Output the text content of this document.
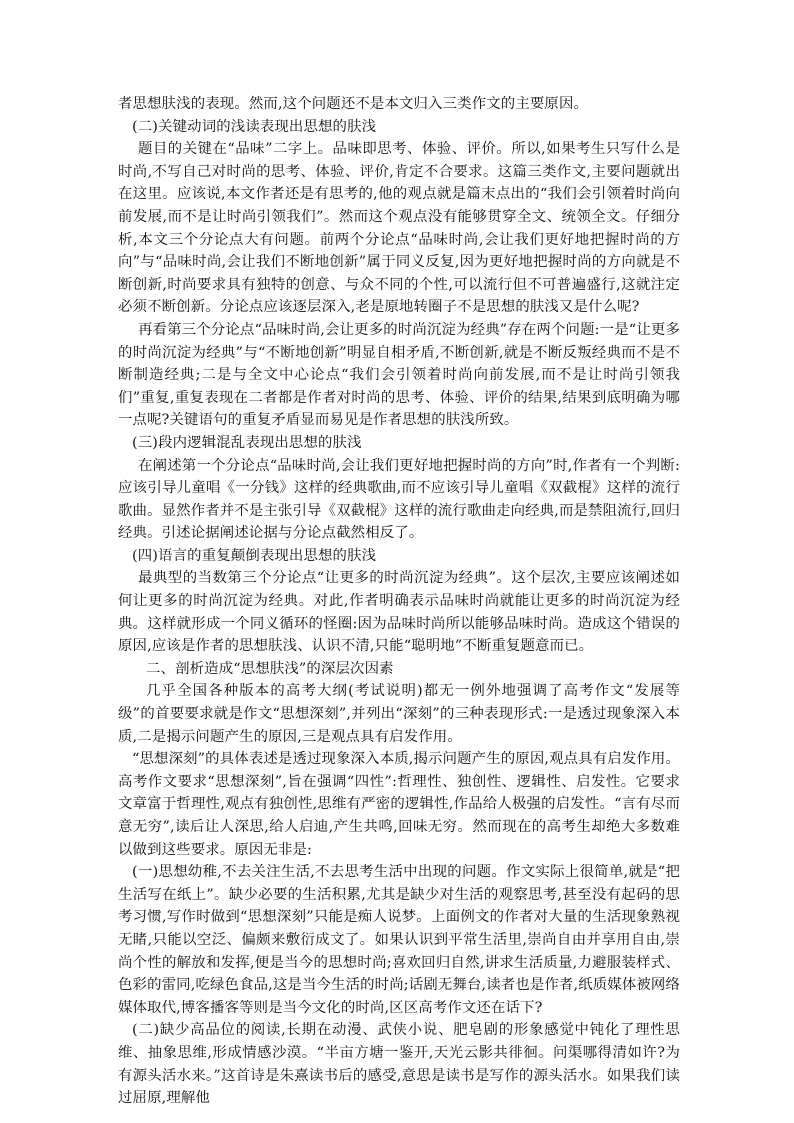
者思想肤浅的表现。然而,这个问题还不是本文归入三类作文的主要原因。

(二)关键动词的浅读表现出思想的肤浅

题目的关键在“品味”二字上。品味即思考、体验、评价。所以,如果考生只写什么是时尚,不写自己对时尚的思考、体验、评价,肯定不合要求。这篇三类作文,主要问题就出在这里。应该说,本文作者还是有思考的,他的观点就是篇末点出的“我们会引领着时尚向前发展,而不是让时尚引领我们”。然而这个观点没有能够贯穿全文、统领全文。仔细分析,本文三个分论点大有问题。前两个分论点“品味时尚,会让我们更好地把握时尚的方向”与“品味时尚,会让我们不断地创新”属于同义反复,因为更好地把握时尚的方向就是不断创新,时尚要求具有独特的创意、与众不同的个性,可以流行但不可普遍盛行,这就注定必须不断创新。分论点应该逐层深入,老是原地转圈子不是思想的肤浅又是什么呢?

再看第三个分论点“品味时尚,会让更多的时尚沉淀为经典”存在两个问题:一是“让更多的时尚沉淀为经典”与“不断地创新”明显自相矛盾,不断创新,就是不断反叛经典而不是不断制造经典;二是与全文中心论点“我们会引领着时尚向前发展,而不是让时尚引领我们”重复,重复表现在二者都是作者对时尚的思考、体验、评价的结果,结果到底明确为哪一点呢?关键语句的重复矛盾显而易见是作者思想的肤浅所致。

(三)段内逻辑混乱表现出思想的肤浅

在阐述第一个分论点“品味时尚,会让我们更好地把握时尚的方向”时,作者有一个判断:应该引导儿童唱《一分钱》这样的经典歌曲,而不应该引导儿童唱《双截棍》这样的流行歌曲。显然作者并不是主张引导《双截棍》这样的流行歌曲走向经典,而是禁阻流行,回归经典。引述论据阐述论据与分论点截然相反了。

(四)语言的重复颠倒表现出思想的肤浅

最典型的当数第三个分论点“让更多的时尚沉淀为经典”。这个层次,主要应该阐述如何让更多的时尚沉淀为经典。对此,作者明确表示品味时尚就能让更多的时尚沉淀为经典。这样就形成一个同义循环的怪圈:因为品味时尚所以能够品味时尚。造成这个错误的原因,应该是作者的思想肤浅、认识不清,只能“聪明地”不断重复题意而已。

二、剖析造成“思想肤浅”的深层次因素

几乎全国各种版本的高考大纲(考试说明)都无一例外地强调了高考作文“发展等级”的首要要求就是作文“思想深刻”,并列出“深刻”的三种表现形式:一是透过现象深入本质,二是揭示问题产生的原因,三是观点具有启发作用。

“思想深刻”的具体表述是透过现象深入本质,揭示问题产生的原因,观点具有启发作用。高考作文要求“思想深刻”,旨在强调“四性”:哲理性、独创性、逻辑性、启发性。它要求文章富于哲理性,观点有独创性,思维有严密的逻辑性,作品给人极强的启发性。“言有尽而意无穷”,读后让人深思,给人启迪,产生共鸣,回味无穷。然而现在的高考生却绝大多数难以做到这些要求。原因无非是:

(一)思想幼稚,不去关注生活,不去思考生活中出现的问题。作文实际上很简单,就是“把生活写在纸上”。缺少必要的生活积累,尤其是缺少对生活的观察思考,甚至没有起码的思考习惯,写作时做到“思想深刻”只能是痴人说梦。上面例文的作者对大量的生活现象熟视无睹,只能以空泛、偏颇来敷衍成文了。如果认识到平常生活里,崇尚自由并享用自由,崇尚个性的解放和发挥,便是当今的思想时尚;喜欢回归自然,讲求生活质量,力避服装样式、色彩的雷同,吃绿色食品,这是当今生活的时尚;话剧无舞台,读者也是作者,纸质媒体被网络媒体取代,博客播客等则是当今文化的时尚,区区高考作文还在话下?

(二)缺少高品位的阅读,长期在动漫、武侠小说、肥皂剧的形象感觉中钝化了理性思维、抽象思维,形成情感沙漠。“半亩方塘一鉴开,天光云影共徘徊。问渠哪得清如许?为有源头活水来。”这首诗是朱熹读书后的感受,意思是读书是写作的源头活水。如果我们读过屈原,理解他
